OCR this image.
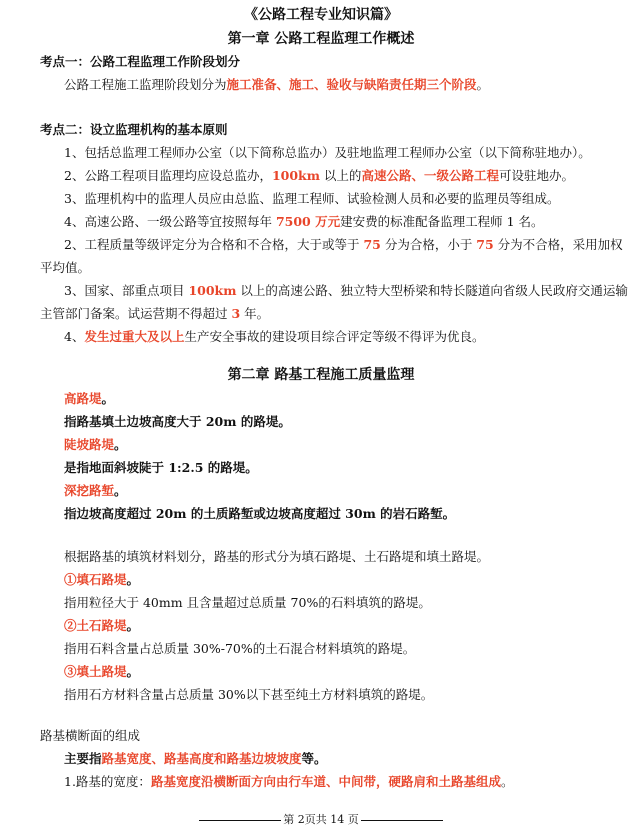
《公路工程专业知识篇》
第一章 公路工程监理工作概述
考点一：公路工程监理工作阶段划分
公路工程施工监理阶段划分为施工准备、施工、验收与缺陷责任期三个阶段。
考点二：设立监理机构的基本原则
1、包括总监理工程师办公室（以下简称总监办）及驻地监理工程师办公室（以下简称驻地办）。
2、公路工程项目监理均应设总监办，100km 以上的高速公路、一级公路工程可设驻地办。
3、监理机构中的监理人员应由总监、监理工程师、试验检测人员和必要的监理员等组成。
4、高速公路、一级公路等宜按照每年 7500 万元建安费的标准配备监理工程师 1 名。
2、工程质量等级评定分为合格和不合格，大于或等于 75 分为合格，小于 75 分为不合格，采用加权
平均值。
3、国家、部重点项目 100km 以上的高速公路、独立特大型桥梁和特长隧道向省级人民政府交通运输
主管部门备案。试运营期不得超过 3 年。
4、发生过重大及以上生产安全事故的建设项目综合评定等级不得评为优良。
第二章 路基工程施工质量监理
高路堤。
指路基填土边坡高度大于 20m 的路堤。
陡坡路堤。
是指地面斜坡陡于 1:2.5 的路堤。
深挖路堑。
指边坡高度超过 20m 的土质路堑或边坡高度超过 30m 的岩石路堑。
根据路基的填筑材料划分，路基的形式分为填石路堤、土石路堤和填土路堤。
①填石路堤。
指用粒径大于 40mm 且含量超过总质量 70%的石料填筑的路堤。
②土石路堤。
指用石料含量占总质量 30%-70%的土石混合材料填筑的路堤。
③填土路堤。
指用石方材料含量占总质量 30%以下甚至纯土方材料填筑的路堤。
路基横断面的组成
主要指路基宽度、路基高度和路基边坡坡度等。
1.路基的宽度：路基宽度沿横断面方向由行车道、中间带，硬路肩和土路基组成。
第 2页共 14 页
